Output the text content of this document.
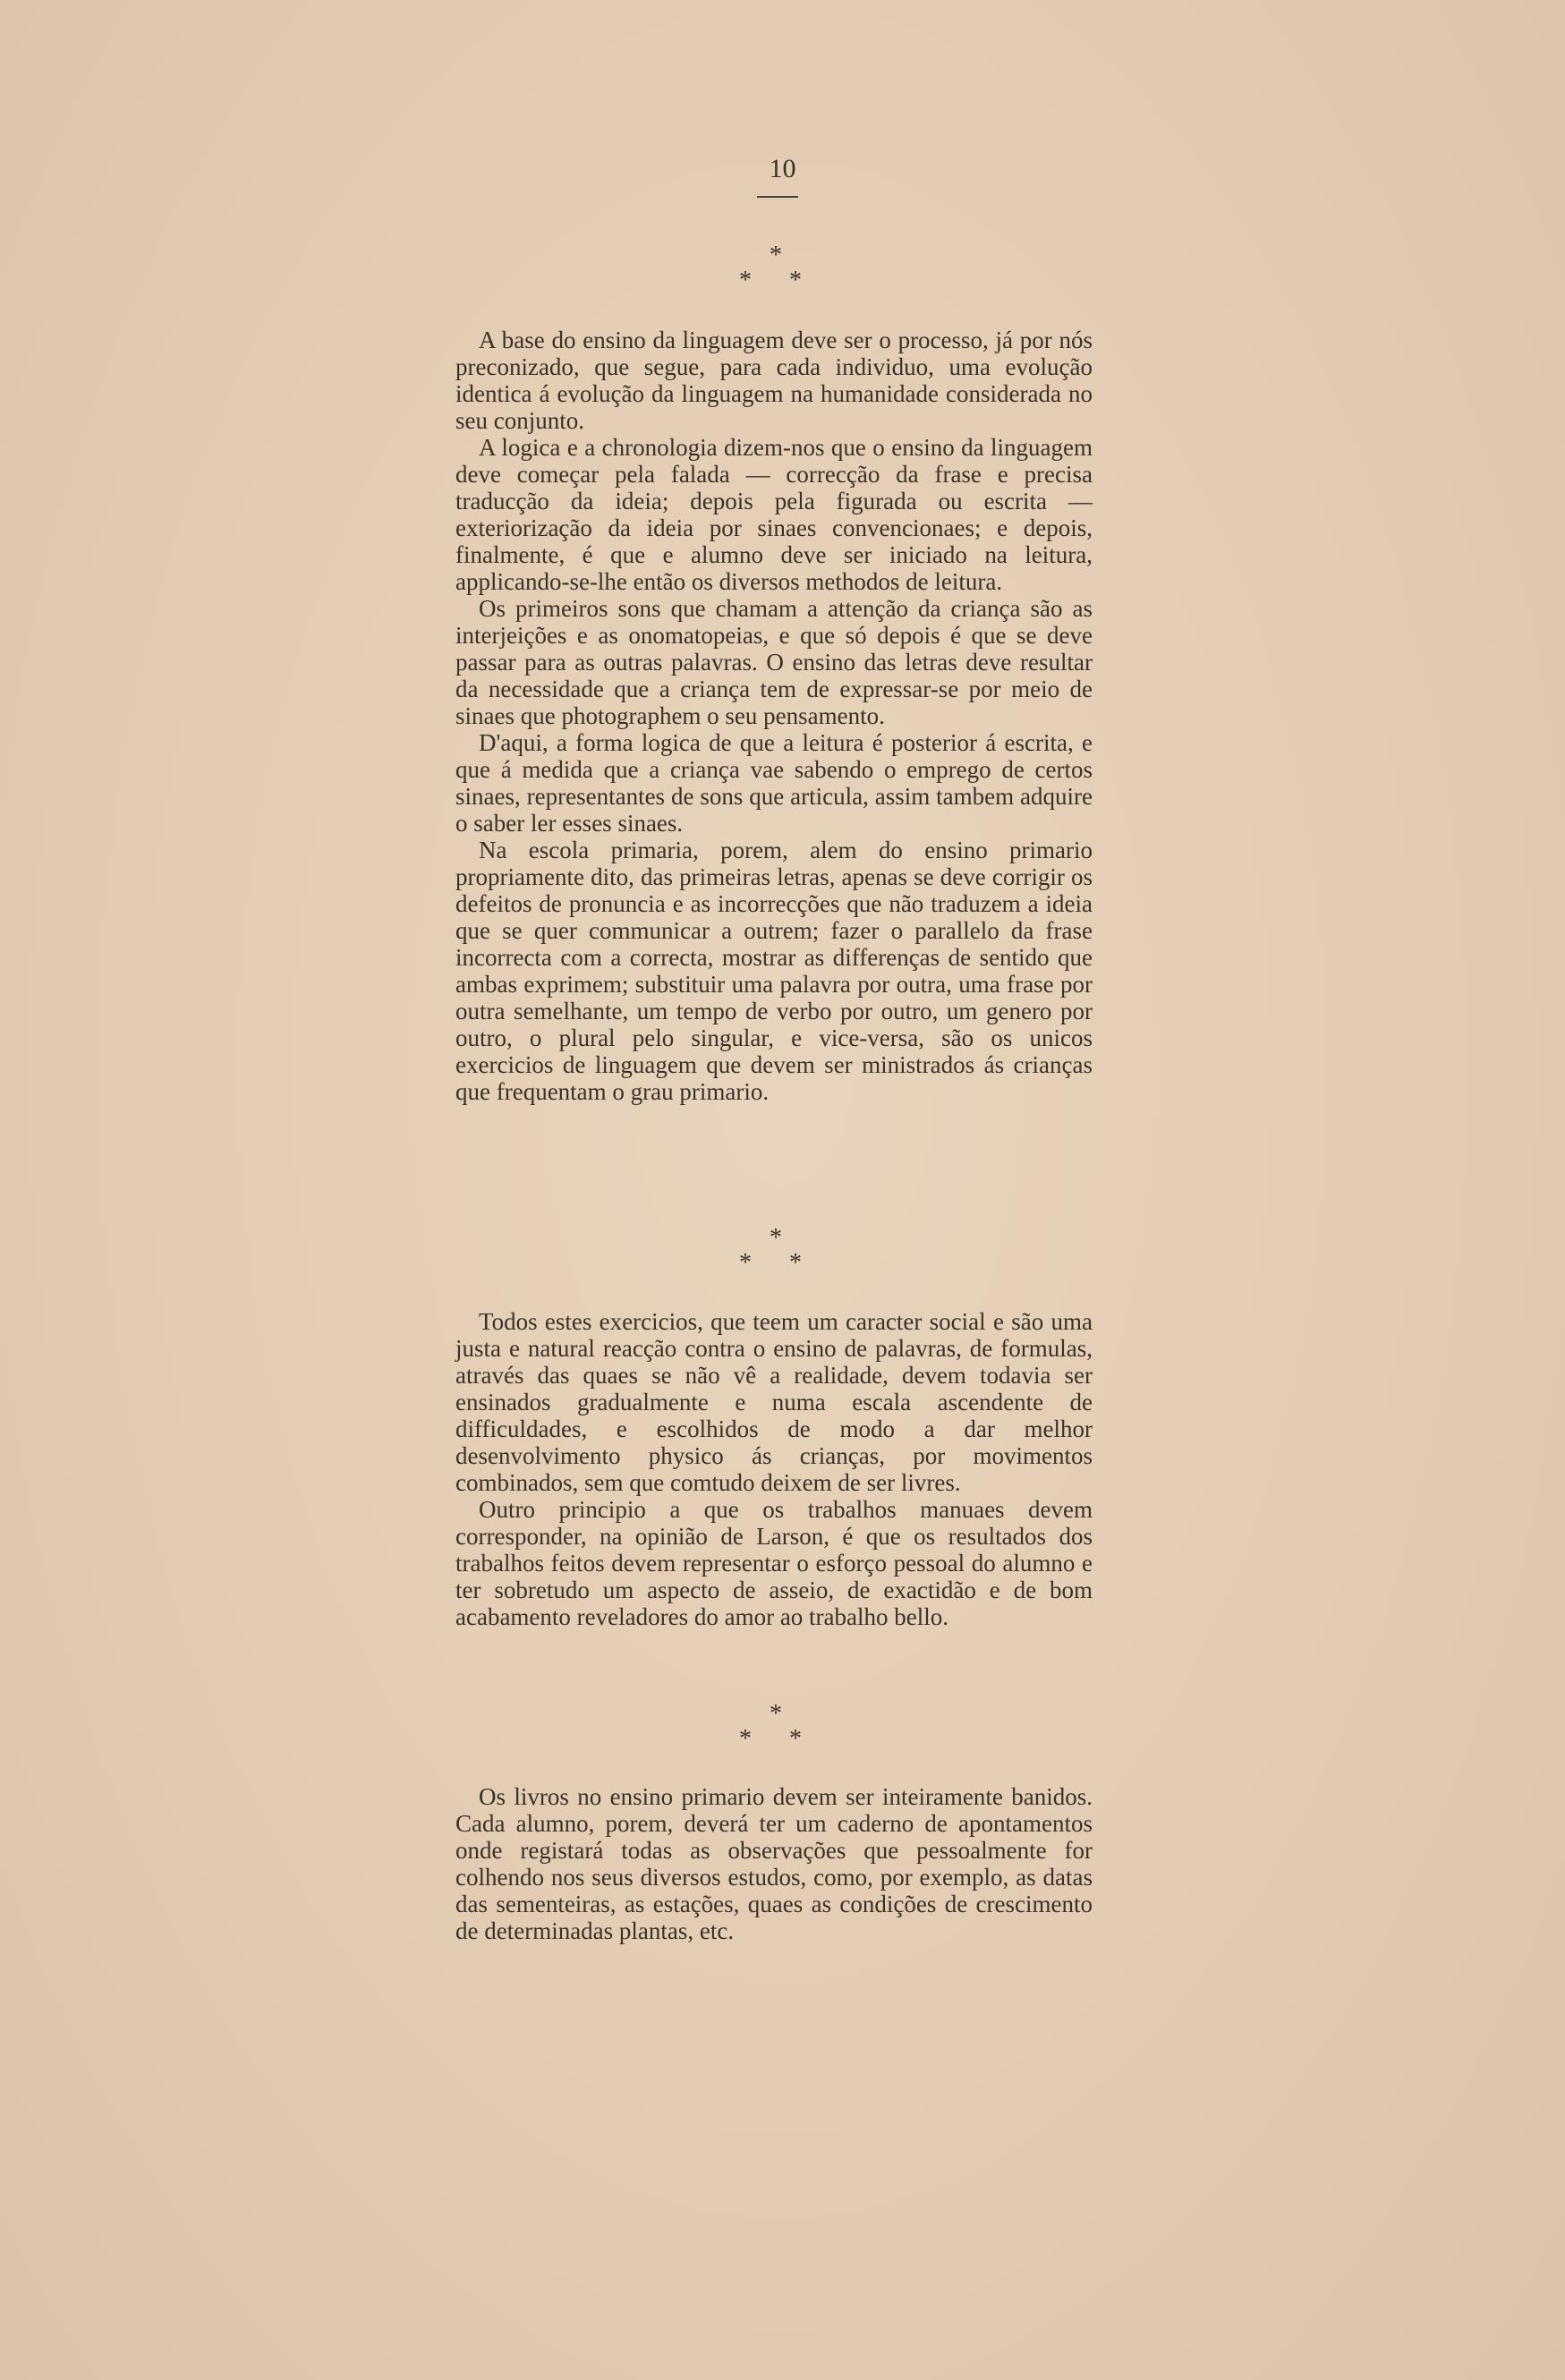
10
*
* *

A base do ensino da linguagem deve ser o processo, já por nós preconizado, que segue, para cada individuo, uma evolução identica á evolução da linguagem na humanidade considerada no seu conjunto.

A logica e a chronologia dizem-nos que o ensino da linguagem deve começar pela falada — correcção da frase e precisa traducção da ideia; depois pela figurada ou escrita — exteriorização da ideia por sinaes convencionaes; e depois, finalmente, é que e alumno deve ser iniciado na leitura, applicando-se-lhe então os diversos methodos de leitura.

Os primeiros sons que chamam a attenção da criança são as interjeições e as onomatopeias, e que só depois é que se deve passar para as outras palavras. O ensino das letras deve resultar da necessidade que a criança tem de expressar-se por meio de sinaes que photographem o seu pensamento.

D'aqui, a forma logica de que a leitura é posterior á escrita, e que á medida que a criança vae sabendo o emprego de certos sinaes, representantes de sons que articula, assim tambem adquire o saber ler esses sinaes.

Na escola primaria, porem, alem do ensino primario propriamente dito, das primeiras letras, apenas se deve corrigir os defeitos de pronuncia e as incorrecções que não traduzem a ideia que se quer communicar a outrem; fazer o parallelo da frase incorrecta com a correcta, mostrar as differenças de sentido que ambas exprimem; substituir uma palavra por outra, uma frase por outra semelhante, um tempo de verbo por outro, um genero por outro, o plural pelo singular, e vice-versa, são os unicos exercicios de linguagem que devem ser ministrados ás crianças que frequentam o grau primario.

*
* *

Todos estes exercicios, que teem um caracter social e são uma justa e natural reacção contra o ensino de palavras, de formulas, através das quaes se não vê a realidade, devem todavia ser ensinados gradualmente e numa escala ascendente de difficuldades, e escolhidos de modo a dar melhor desenvolvimento physico ás crianças, por movimentos combinados, sem que comtudo deixem de ser livres.

Outro principio a que os trabalhos manuaes devem corresponder, na opinião de Larson, é que os resultados dos trabalhos feitos devem representar o esforço pessoal do alumno e ter sobretudo um aspecto de asseio, de exactidão e de bom acabamento reveladores do amor ao trabalho bello.

*
* *

Os livros no ensino primario devem ser inteiramente banidos. Cada alumno, porem, deverá ter um caderno de apontamentos onde registará todas as observações que pessoalmente for colhendo nos seus diversos estudos, como, por exemplo, as datas das sementeiras, as estações, quaes as condições de crescimento de determinadas plantas, etc.
